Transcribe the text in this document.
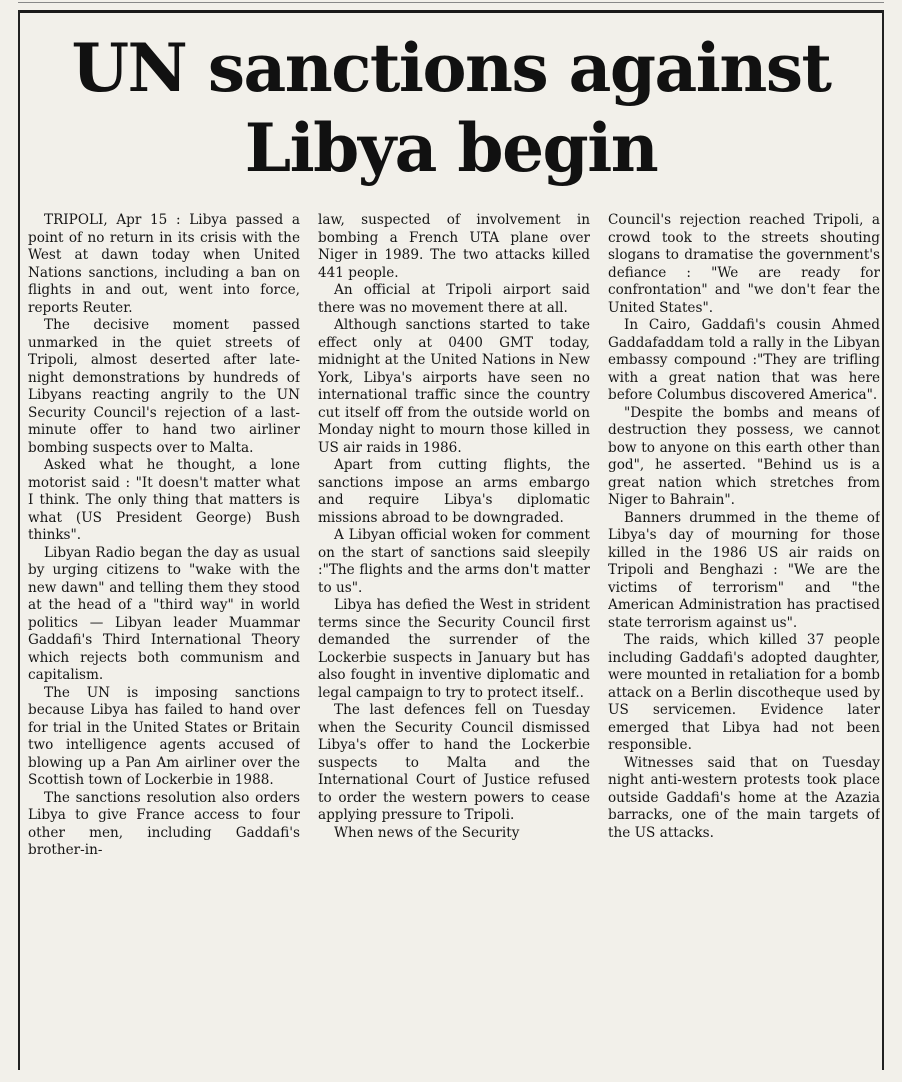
UN sanctions against
Libya begin

TRIPOLI, Apr 15 : Libya passed a point of no return in its crisis with the West at dawn today when United Nations sanctions, including a ban on flights in and out, went into force, reports Reuter.

The decisive moment passed unmarked in the quiet streets of Tripoli, almost deserted after late-night demonstrations by hundreds of Libyans reacting angrily to the UN Security Council's rejection of a last-minute offer to hand two airliner bombing suspects over to Malta.

Asked what he thought, a lone motorist said : "It doesn't matter what I think. The only thing that matters is what (US President George) Bush thinks".

Libyan Radio began the day as usual by urging citizens to "wake with the new dawn" and telling them they stood at the head of a "third way" in world politics — Libyan leader Muammar Gaddafi's Third International Theory which rejects both communism and capitalism.

The UN is imposing sanctions because Libya has failed to hand over for trial in the United States or Britain two intelligence agents accused of blowing up a Pan Am airliner over the Scottish town of Lockerbie in 1988.

The sanctions resolution also orders Libya to give France access to four other men, including Gaddafi's brother-in-

law, suspected of involvement in bombing a French UTA plane over Niger in 1989. The two attacks killed 441 people.

An official at Tripoli airport said there was no movement there at all.

Although sanctions started to take effect only at 0400 GMT today, midnight at the United Nations in New York, Libya's airports have seen no international traffic since the country cut itself off from the outside world on Monday night to mourn those killed in US air raids in 1986.

Apart from cutting flights, the sanctions impose an arms embargo and require Libya's diplomatic missions abroad to be downgraded.

A Libyan official woken for comment on the start of sanctions said sleepily :"The flights and the arms don't matter to us".

Libya has defied the West in strident terms since the Security Council first demanded the surrender of the Lockerbie suspects in January but has also fought in inventive diplomatic and legal campaign to try to protect itself..

The last defences fell on Tuesday when the Security Council dismissed Libya's offer to hand the Lockerbie suspects to Malta and the International Court of Justice refused to order the western powers to cease applying pressure to Tripoli.

When news of the Security

Council's rejection reached Tripoli, a crowd took to the streets shouting slogans to dramatise the government's defiance : "We are ready for confrontation" and "we don't fear the United States".

In Cairo, Gaddafi's cousin Ahmed Gaddafaddam told a rally in the Libyan embassy compound :"They are trifling with a great nation that was here before Columbus discovered America".

"Despite the bombs and means of destruction they possess, we cannot bow to anyone on this earth other than god", he asserted. "Behind us is a great nation which stretches from Niger to Bahrain".

Banners drummed in the theme of Libya's day of mourning for those killed in the 1986 US air raids on Tripoli and Benghazi : "We are the victims of terrorism" and "the American Administration has practised state terrorism against us".

The raids, which killed 37 people including Gaddafi's adopted daughter, were mounted in retaliation for a bomb attack on a Berlin discotheque used by US servicemen. Evidence later emerged that Libya had not been responsible.

Witnesses said that on Tuesday night anti-western protests took place outside Gaddafi's home at the Azazia barracks, one of the main targets of the US attacks.
